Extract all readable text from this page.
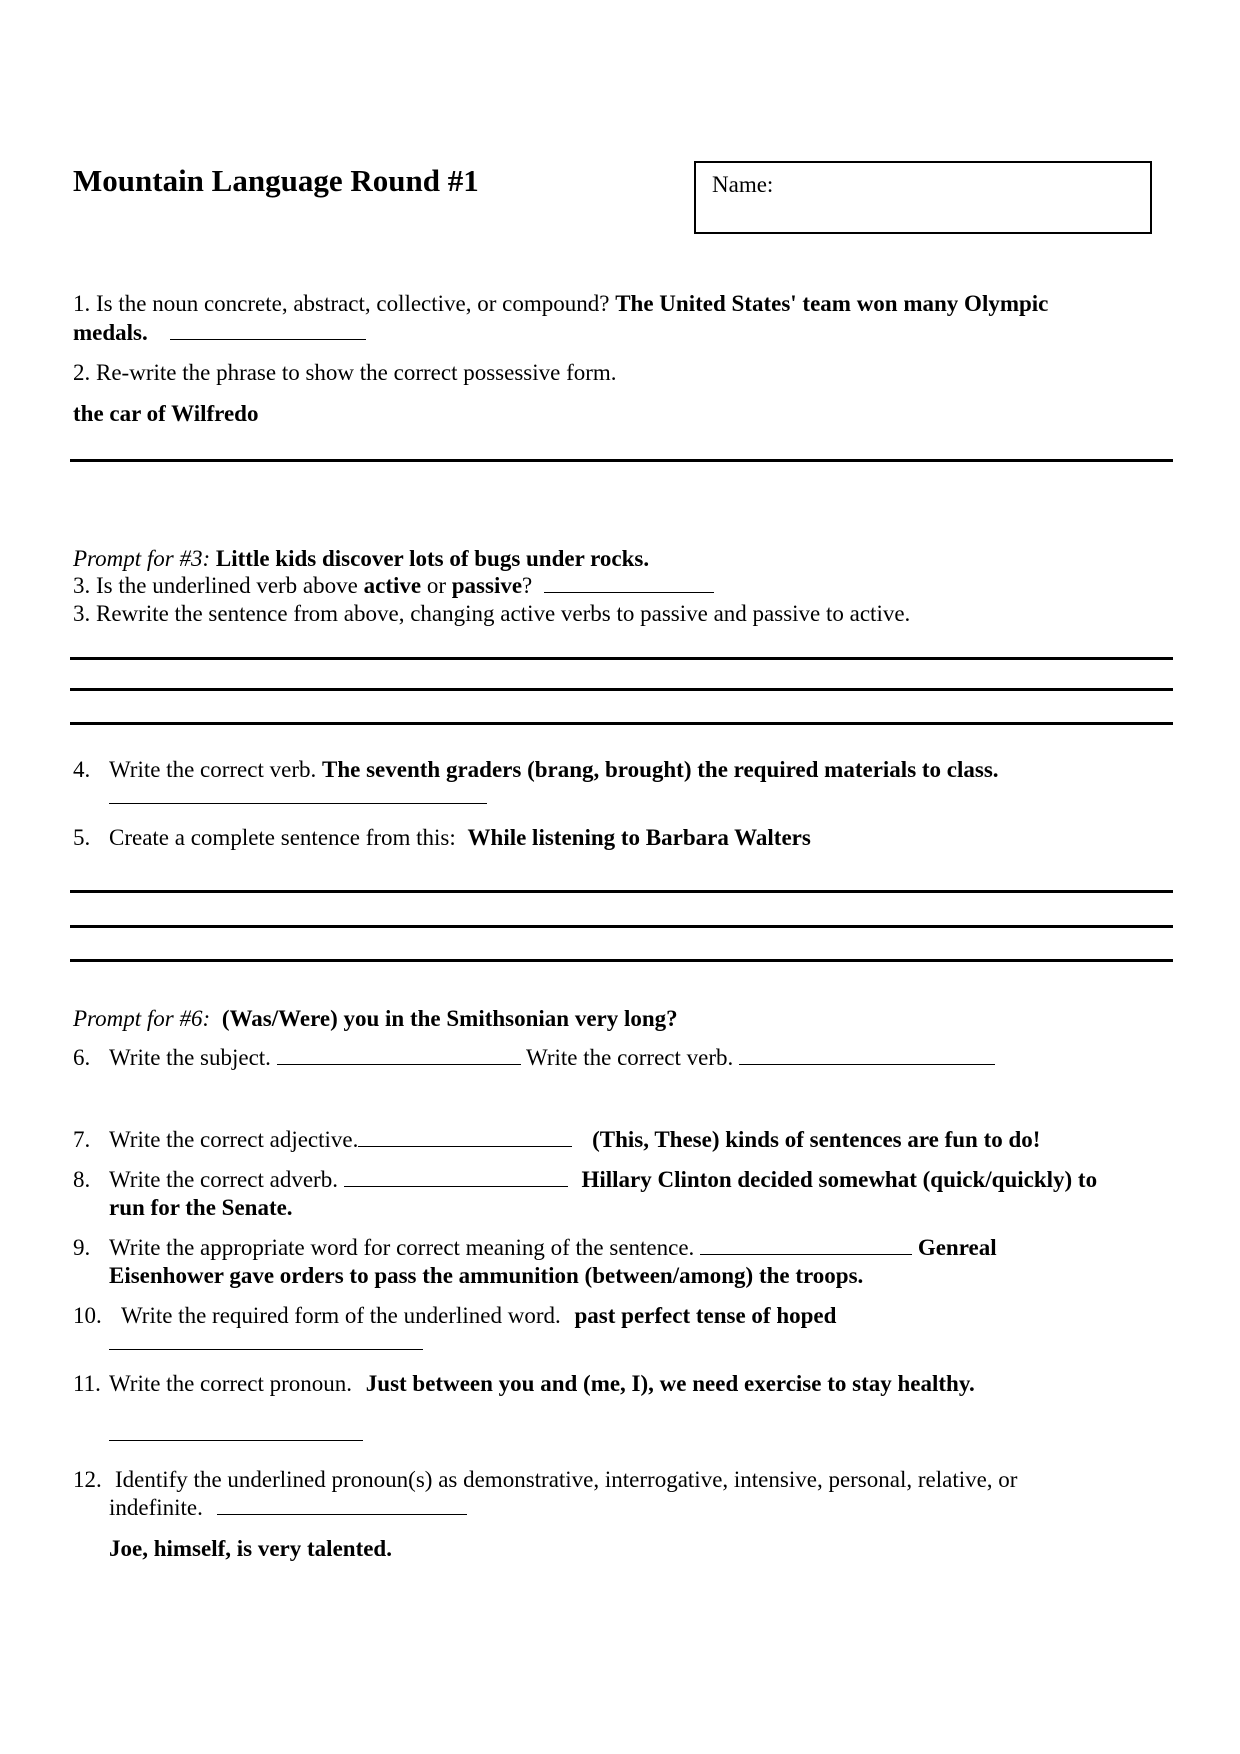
Mountain Language Round #1	Name:
1. Is the noun concrete, abstract, collective, or compound? The United States' team won many Olympic
medals.
2. Re-write the phrase to show the correct possessive form.
the car of Wilfredo
Prompt for #3: Little kids discover lots of bugs under rocks.
3. Is the underlined verb above active or passive?
3. Rewrite the sentence from above, changing active verbs to passive and passive to active.
4. Write the correct verb. The seventh graders (brang, brought) the required materials to class.
5. Create a complete sentence from this: While listening to Barbara Walters
Prompt for #6: (Was/Were) you in the Smithsonian very long?
6. Write the subject.	Write the correct verb.
7. Write the correct adjective.	(This, These) kinds of sentences are fun to do!
8. Write the correct adverb.	Hillary Clinton decided somewhat (quick/quickly) to
run for the Senate.
9. Write the appropriate word for correct meaning of the sentence.	Genreal
Eisenhower gave orders to pass the ammunition (between/among) the troops.
10. Write the required form of the underlined word. past perfect tense of hoped
11. Write the correct pronoun. Just between you and (me, I), we need exercise to stay healthy.
12. Identify the underlined pronoun(s) as demonstrative, interrogative, intensive, personal, relative, or
indefinite.
Joe, himself, is very talented.
